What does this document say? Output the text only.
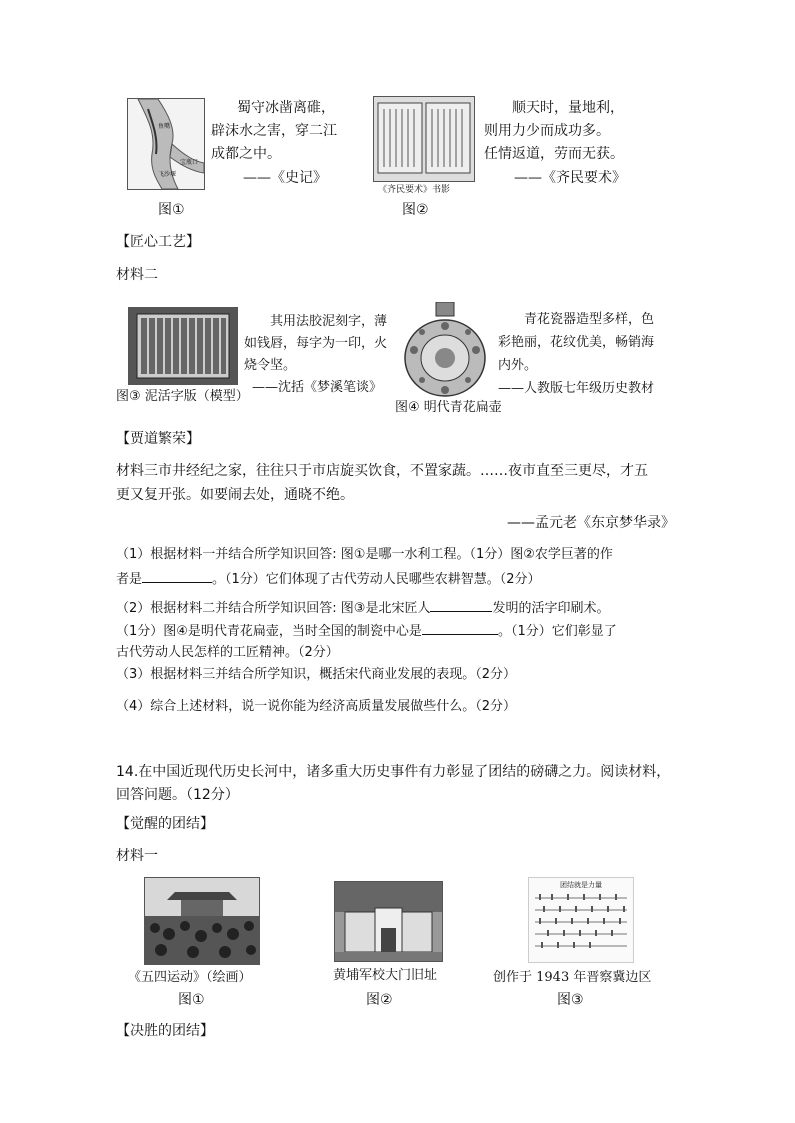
鱼嘴
宝瓶口
飞沙堰
图①
蜀守冰凿离碓，
辟沫水之害，穿二江
成都之中。
——《史记》
《齐民要术》书影
图②
顺天时，量地利，
则用力少而成功多。
任情返道，劳而无获。
——《齐民要术》
【匠心工艺】
材料二
图③ 泥活字版（模型）
其用法胶泥刻字，薄
如钱唇，每字为一印，火
烧令坚。
——沈括《梦溪笔谈》
图④ 明代青花扁壶
青花瓷器造型多样，色
彩艳丽，花纹优美，畅销海
内外。
——人教版七年级历史教材
【贾道繁荣】
材料三市井经纪之家，往往只于市店旋买饮食，不置家蔬。……夜市直至三更尽，才五
更又复开张。如要闹去处，通晓不绝。
——孟元老《东京梦华录》
（1）根据材料一并结合所学知识回答: 图①是哪一水利工程。（1分）图②农学巨著的作
者是	。（1分）它们体现了古代劳动人民哪些农耕智慧。（2分）
（2）根据材料二并结合所学知识回答: 图③是北宋匠人	发明的活字印刷术。
（1分）图④是明代青花扁壶，当时全国的制瓷中心是	。（1分）它们彰显了
古代劳动人民怎样的工匠精神。（2分）
（3）根据材料三并结合所学知识，概括宋代商业发展的表现。（2分）
（4）综合上述材料，说一说你能为经济高质量发展做些什么。（2分）
14.在中国近现代历史长河中，诸多重大历史事件有力彰显了团结的磅礴之力。阅读材料，
回答问题。（12分）
【觉醒的团结】
材料一
《五四运动》（绘画）
图①
黄埔军校大门旧址
图②
团结就是力量
创作于 1943 年晋察冀边区
图③
【决胜的团结】
